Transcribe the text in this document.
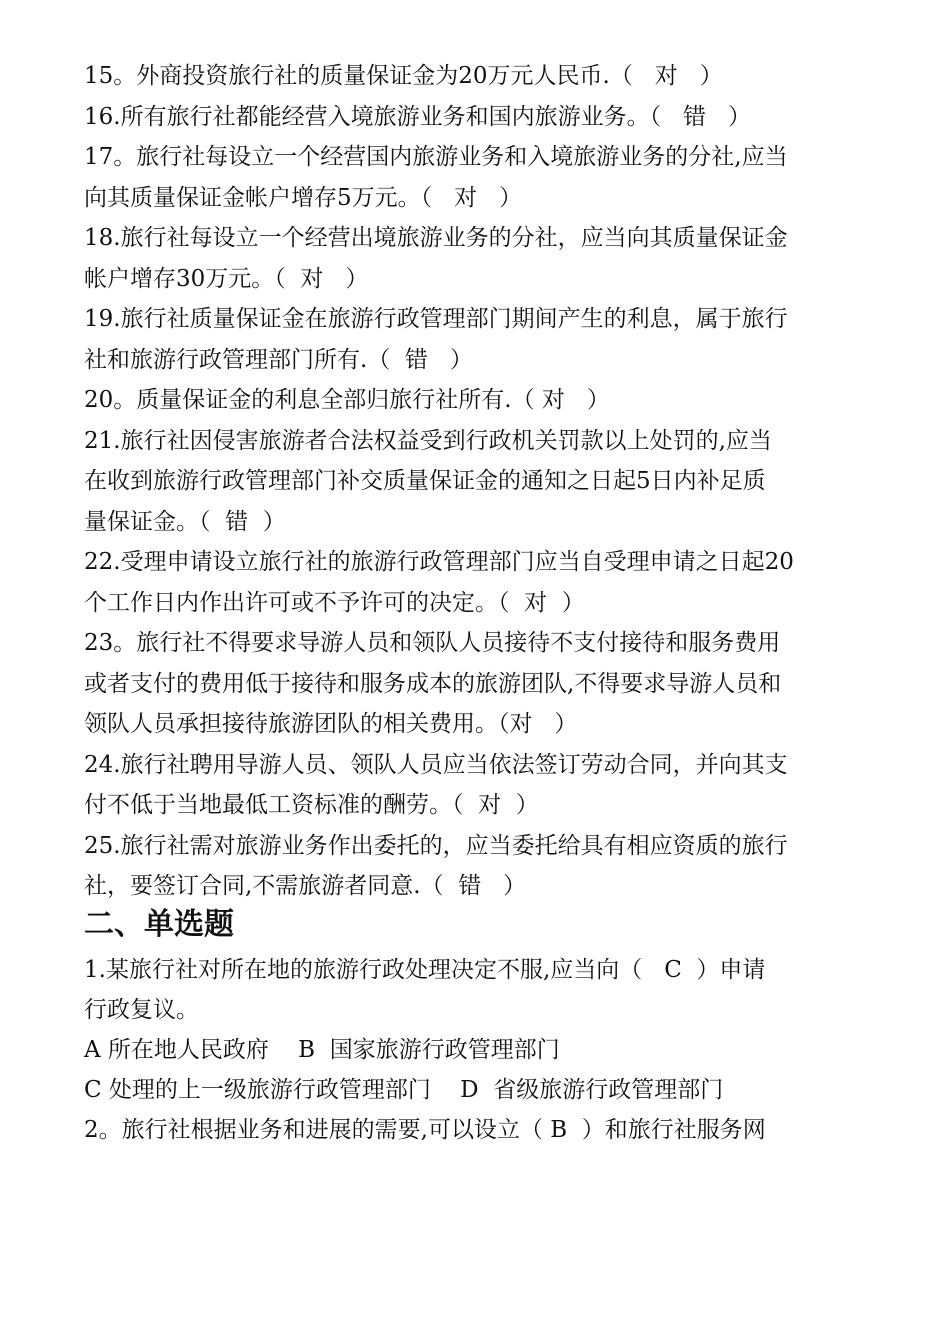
15。外商投资旅行社的质量保证金为20万元人民币.（   对   ）
16.所有旅行社都能经营入境旅游业务和国内旅游业务。（   错   ）
17。旅行社每设立一个经营国内旅游业务和入境旅游业务的分社,应当
向其质量保证金帐户增存5万元。（   对   ）
18.旅行社每设立一个经营出境旅游业务的分社，应当向其质量保证金
帐户增存30万元。（  对   ）
19.旅行社质量保证金在旅游行政管理部门期间产生的利息，属于旅行
社和旅游行政管理部门所有.（  错   ）
20。质量保证金的利息全部归旅行社所有.（ 对   ）
21.旅行社因侵害旅游者合法权益受到行政机关罚款以上处罚的,应当
在收到旅游行政管理部门补交质量保证金的通知之日起5日内补足质
量保证金。（  错  ）
22.受理申请设立旅行社的旅游行政管理部门应当自受理申请之日起20
个工作日内作出许可或不予许可的决定。（  对  ）
23。旅行社不得要求导游人员和领队人员接待不支付接待和服务费用
或者支付的费用低于接待和服务成本的旅游团队,不得要求导游人员和
领队人员承担接待旅游团队的相关费用。（对   ）
24.旅行社聘用导游人员、领队人员应当依法签订劳动合同，并向其支
付不低于当地最低工资标准的酬劳。（  对  ）
25.旅行社需对旅游业务作出委托的，应当委托给具有相应资质的旅行
社，要签订合同,不需旅游者同意.（  错   ）
二、单选题
1.某旅行社对所在地的旅游行政处理决定不服,应当向（   C  ）申请
行政复议。
A 所在地人民政府    B  国家旅游行政管理部门
C 处理的上一级旅游行政管理部门    D  省级旅游行政管理部门
2。旅行社根据业务和进展的需要,可以设立（ B  ）和旅行社服务网
